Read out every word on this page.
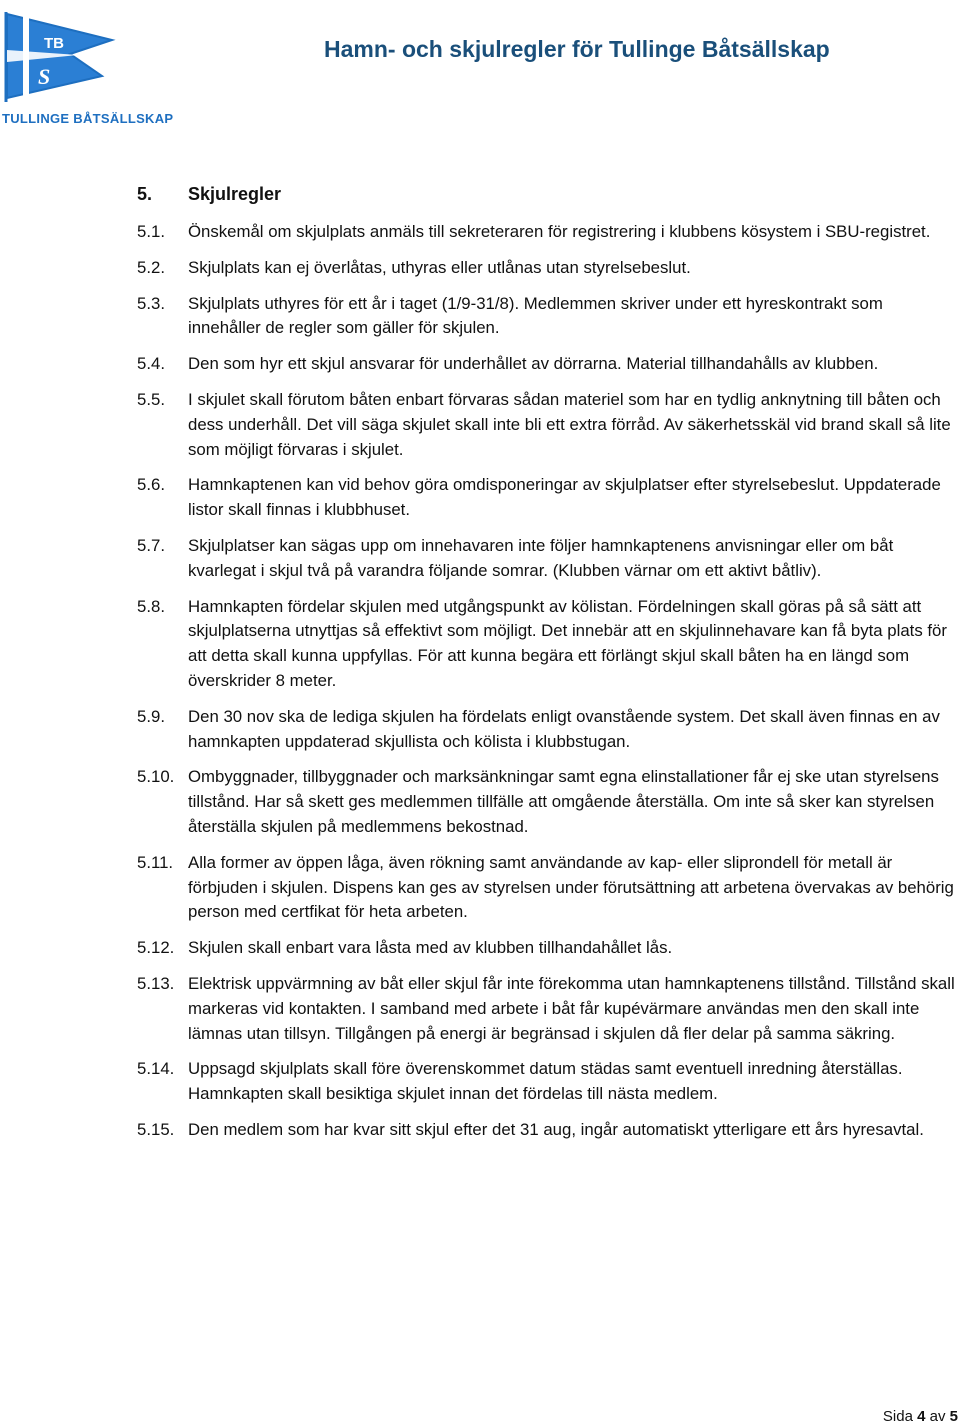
TB
S
TULLINGE BÅTSÄLLSKAP
Hamn- och skjulregler för Tullinge Båtsällskap
5. Skjulregler
5.1.	Önskemål om skjulplats anmäls till sekreteraren för registrering i klubbens kösystem i SBU-registret.
5.2.	Skjulplats kan ej överlåtas, uthyras eller utlånas utan styrelsebeslut.
5.3.	Skjulplats uthyres för ett år i taget (1/9-31/8). Medlemmen skriver under ett hyreskontrakt som innehåller de regler som gäller för skjulen.
5.4.	Den som hyr ett skjul ansvarar för underhållet av dörrarna. Material tillhandahålls av klubben.
5.5.	I skjulet skall förutom båten enbart förvaras sådan materiel som har en tydlig anknytning till båten och dess underhåll. Det vill säga skjulet skall inte bli ett extra förråd. Av säkerhetsskäl vid brand skall så lite som möjligt förvaras i skjulet.
5.6.	Hamnkaptenen kan vid behov göra omdisponeringar av skjulplatser efter styrelsebeslut. Uppdaterade listor skall finnas i klubbhuset.
5.7.	Skjulplatser kan sägas upp om innehavaren inte följer hamnkaptenens anvisningar eller om båt kvarlegat i skjul två på varandra följande somrar. (Klubben värnar om ett aktivt båtliv).
5.8.	Hamnkapten fördelar skjulen med utgångspunkt av kölistan. Fördelningen skall göras på så sätt att skjulplatserna utnyttjas så effektivt som möjligt. Det innebär att en skjulinnehavare kan få byta plats för att detta skall kunna uppfyllas. För att kunna begära ett förlängt skjul skall båten ha en längd som överskrider 8 meter.
5.9.	Den 30 nov ska de lediga skjulen ha fördelats enligt ovanstående system. Det skall även finnas en av hamnkapten uppdaterad skjullista och kölista i klubbstugan.
5.10. Ombyggnader, tillbyggnader och marksänkningar samt egna elinstallationer får ej ske utan styrelsens tillstånd. Har så skett ges medlemmen tillfälle att omgående återställa. Om inte så sker kan styrelsen återställa skjulen på medlemmens bekostnad.
5.11. Alla former av öppen låga, även rökning samt användande av kap- eller sliprondell för metall är förbjuden i skjulen. Dispens kan ges av styrelsen under förutsättning att arbetena övervakas av behörig person med certfikat för heta arbeten.
5.12. Skjulen skall enbart vara låsta med av klubben tillhandahållet lås.
5.13. Elektrisk uppvärmning av båt eller skjul får inte förekomma utan hamnkaptenens tillstånd. Tillstånd skall markeras vid kontakten. I samband med arbete i båt får kupévärmare användas men den skall inte lämnas utan tillsyn. Tillgången på energi är begränsad i skjulen då fler delar på samma säkring.
5.14. Uppsagd skjulplats skall före överenskommet datum städas samt eventuell inredning återställas. Hamnkapten skall besiktiga skjulet innan det fördelas till nästa medlem.
5.15. Den medlem som har kvar sitt skjul efter det 31 aug, ingår automatiskt ytterligare ett års hyresavtal.
Sida 4 av 5
